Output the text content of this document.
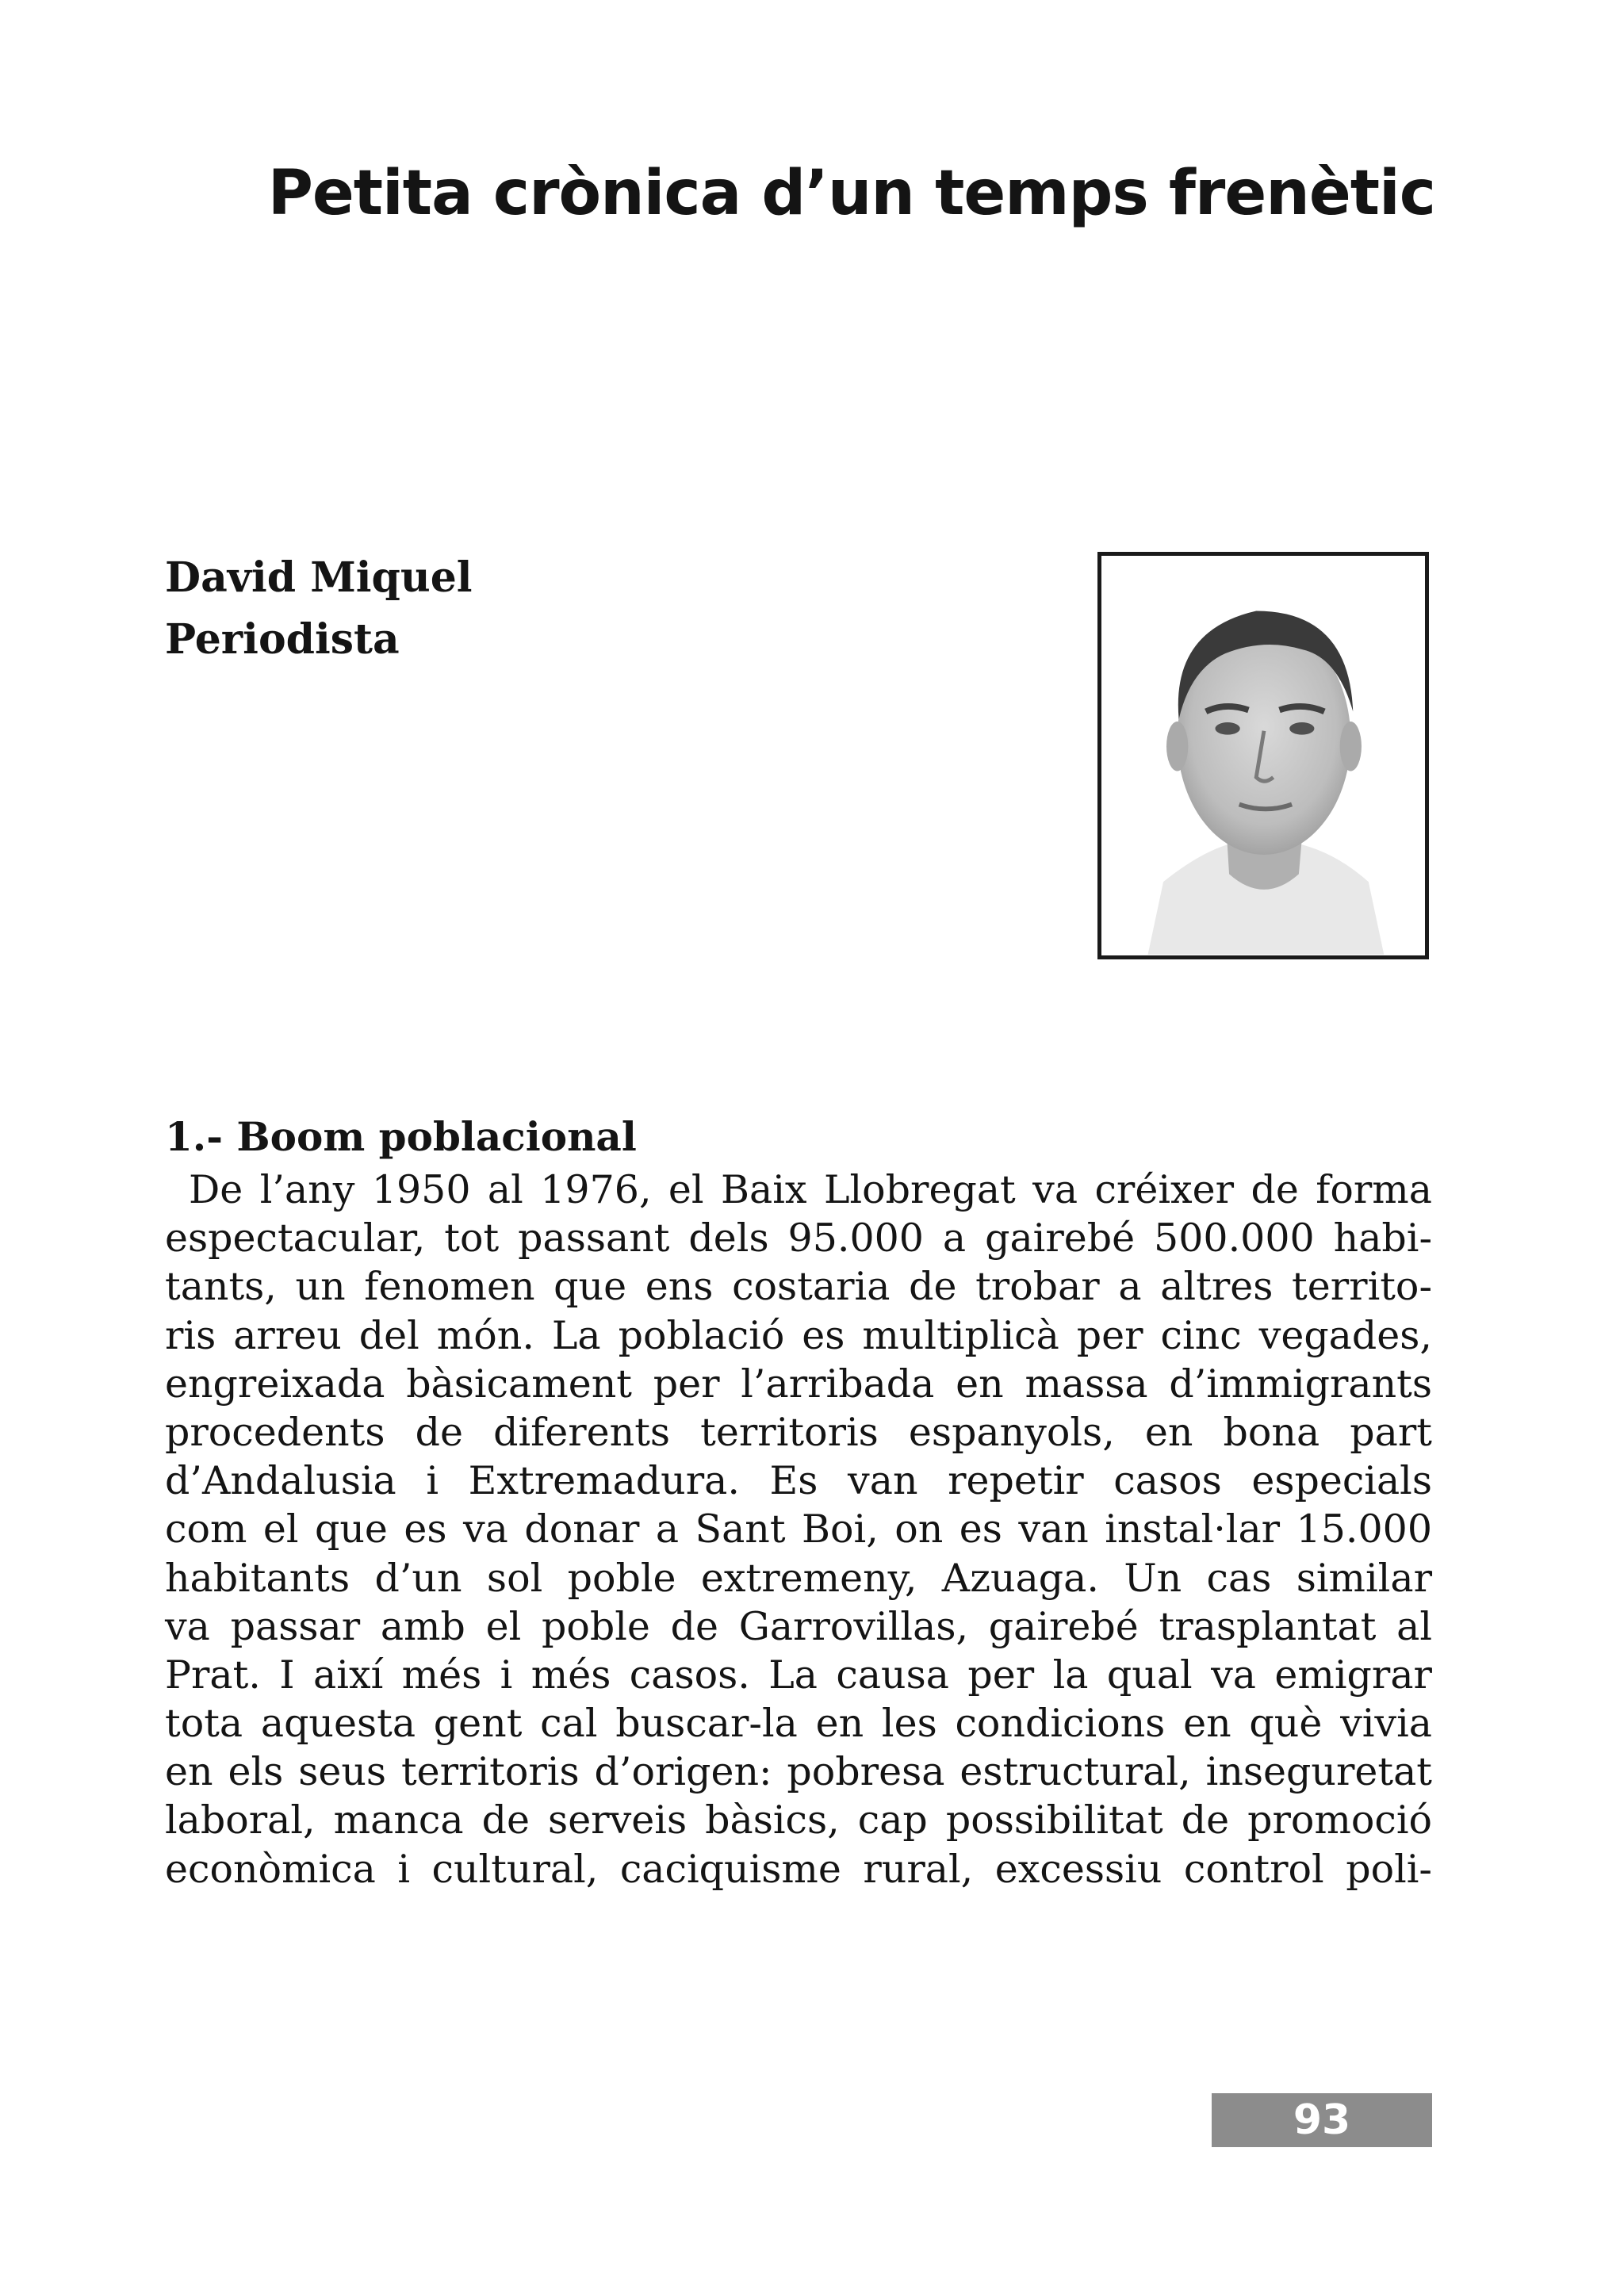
Petita crònica d’un temps frenètic
David Miquel
Periodista
1.- Boom poblacional
De l’any 1950 al 1976, el Baix Llobregat va créixer de forma
espectacular, tot passant dels 95.000 a gairebé 500.000 habi-
tants, un fenomen que ens costaria de trobar a altres territo-
ris arreu del món. La població es multiplicà per cinc vegades,
engreixada bàsicament per l’arribada en massa d’immigrants
procedents de diferents territoris espanyols, en bona part
d’Andalusia i Extremadura. Es van repetir casos especials
com el que es va donar a Sant Boi, on es van instal·lar 15.000
habitants d’un sol poble extremeny, Azuaga. Un cas similar
va passar amb el poble de Garrovillas, gairebé trasplantat al
Prat. I així més i més casos. La causa per la qual va emigrar
tota aquesta gent cal buscar-la en les condicions en què vivia
en els seus territoris d’origen: pobresa estructural, inseguretat
laboral, manca de serveis bàsics, cap possibilitat de promoció
econòmica i cultural, caciquisme rural, excessiu control poli-
93
